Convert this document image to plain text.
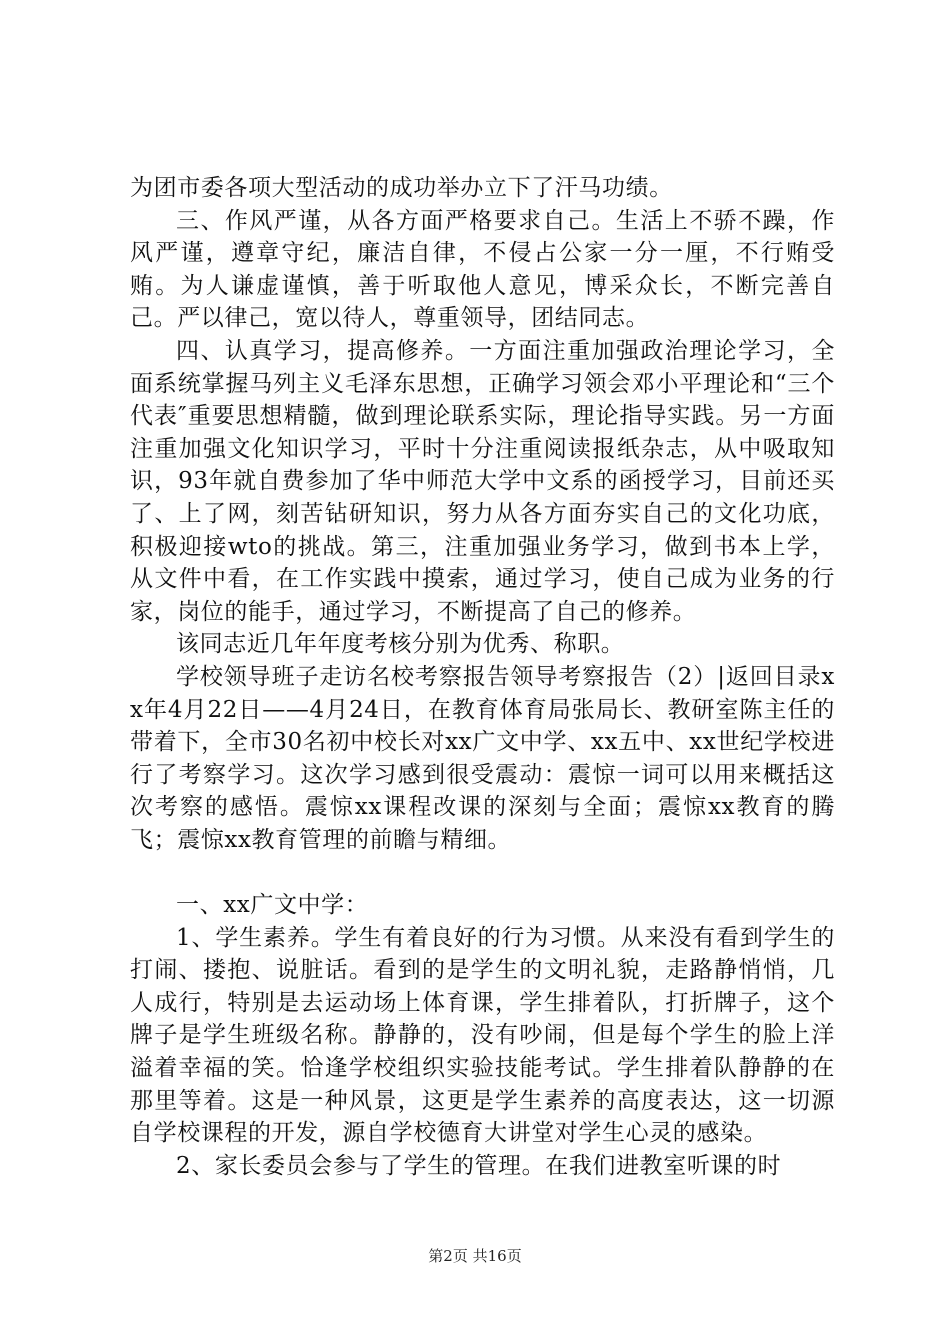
为团市委各项大型活动的成功举办立下了汗马功绩。

三、作风严谨，从各方面严格要求自己。生活上不骄不躁，作风严谨，遵章守纪，廉洁自律，不侵占公家一分一厘，不行贿受贿。为人谦虚谨慎，善于听取他人意见，博采众长，不断完善自己。严以律己，宽以待人，尊重领导，团结同志。

四、认真学习，提高修养。一方面注重加强政治理论学习，全面系统掌握马列主义毛泽东思想，正确学习领会邓小平理论和“三个代表″重要思想精髓，做到理论联系实际，理论指导实践。另一方面注重加强文化知识学习，平时十分注重阅读报纸杂志，从中吸取知识，93年就自费参加了华中师范大学中文系的函授学习，目前还买了、上了网，刻苦钻研知识，努力从各方面夯实自己的文化功底，积极迎接wto的挑战。第三，注重加强业务学习，做到书本上学，从文件中看，在工作实践中摸索，通过学习，使自己成为业务的行家，岗位的能手，通过学习，不断提高了自己的修养。

该同志近几年年度考核分别为优秀、称职。

学校领导班子走访名校考察报告领导考察报告（2）|返回目录xx年4月22日——4月24日，在教育体育局张局长、教研室陈主任的带着下，全市30名初中校长对xx广文中学、xx五中、xx世纪学校进行了考察学习。这次学习感到很受震动：震惊一词可以用来概括这次考察的感悟。震惊xx课程改课的深刻与全面；震惊xx教育的腾飞；震惊xx教育管理的前瞻与精细。

一、xx广文中学：

1、学生素养。学生有着良好的行为习惯。从来没有看到学生的打闹、搂抱、说脏话。看到的是学生的文明礼貌，走路静悄悄，几人成行，特别是去运动场上体育课，学生排着队，打折牌子，这个牌子是学生班级名称。静静的，没有吵闹，但是每个学生的脸上洋溢着幸福的笑。恰逢学校组织实验技能考试。学生排着队静静的在那里等着。这是一种风景，这更是学生素养的高度表达，这一切源自学校课程的开发，源自学校德育大讲堂对学生心灵的感染。

2、家长委员会参与了学生的管理。在我们进教室听课的时

第2页 共16页
